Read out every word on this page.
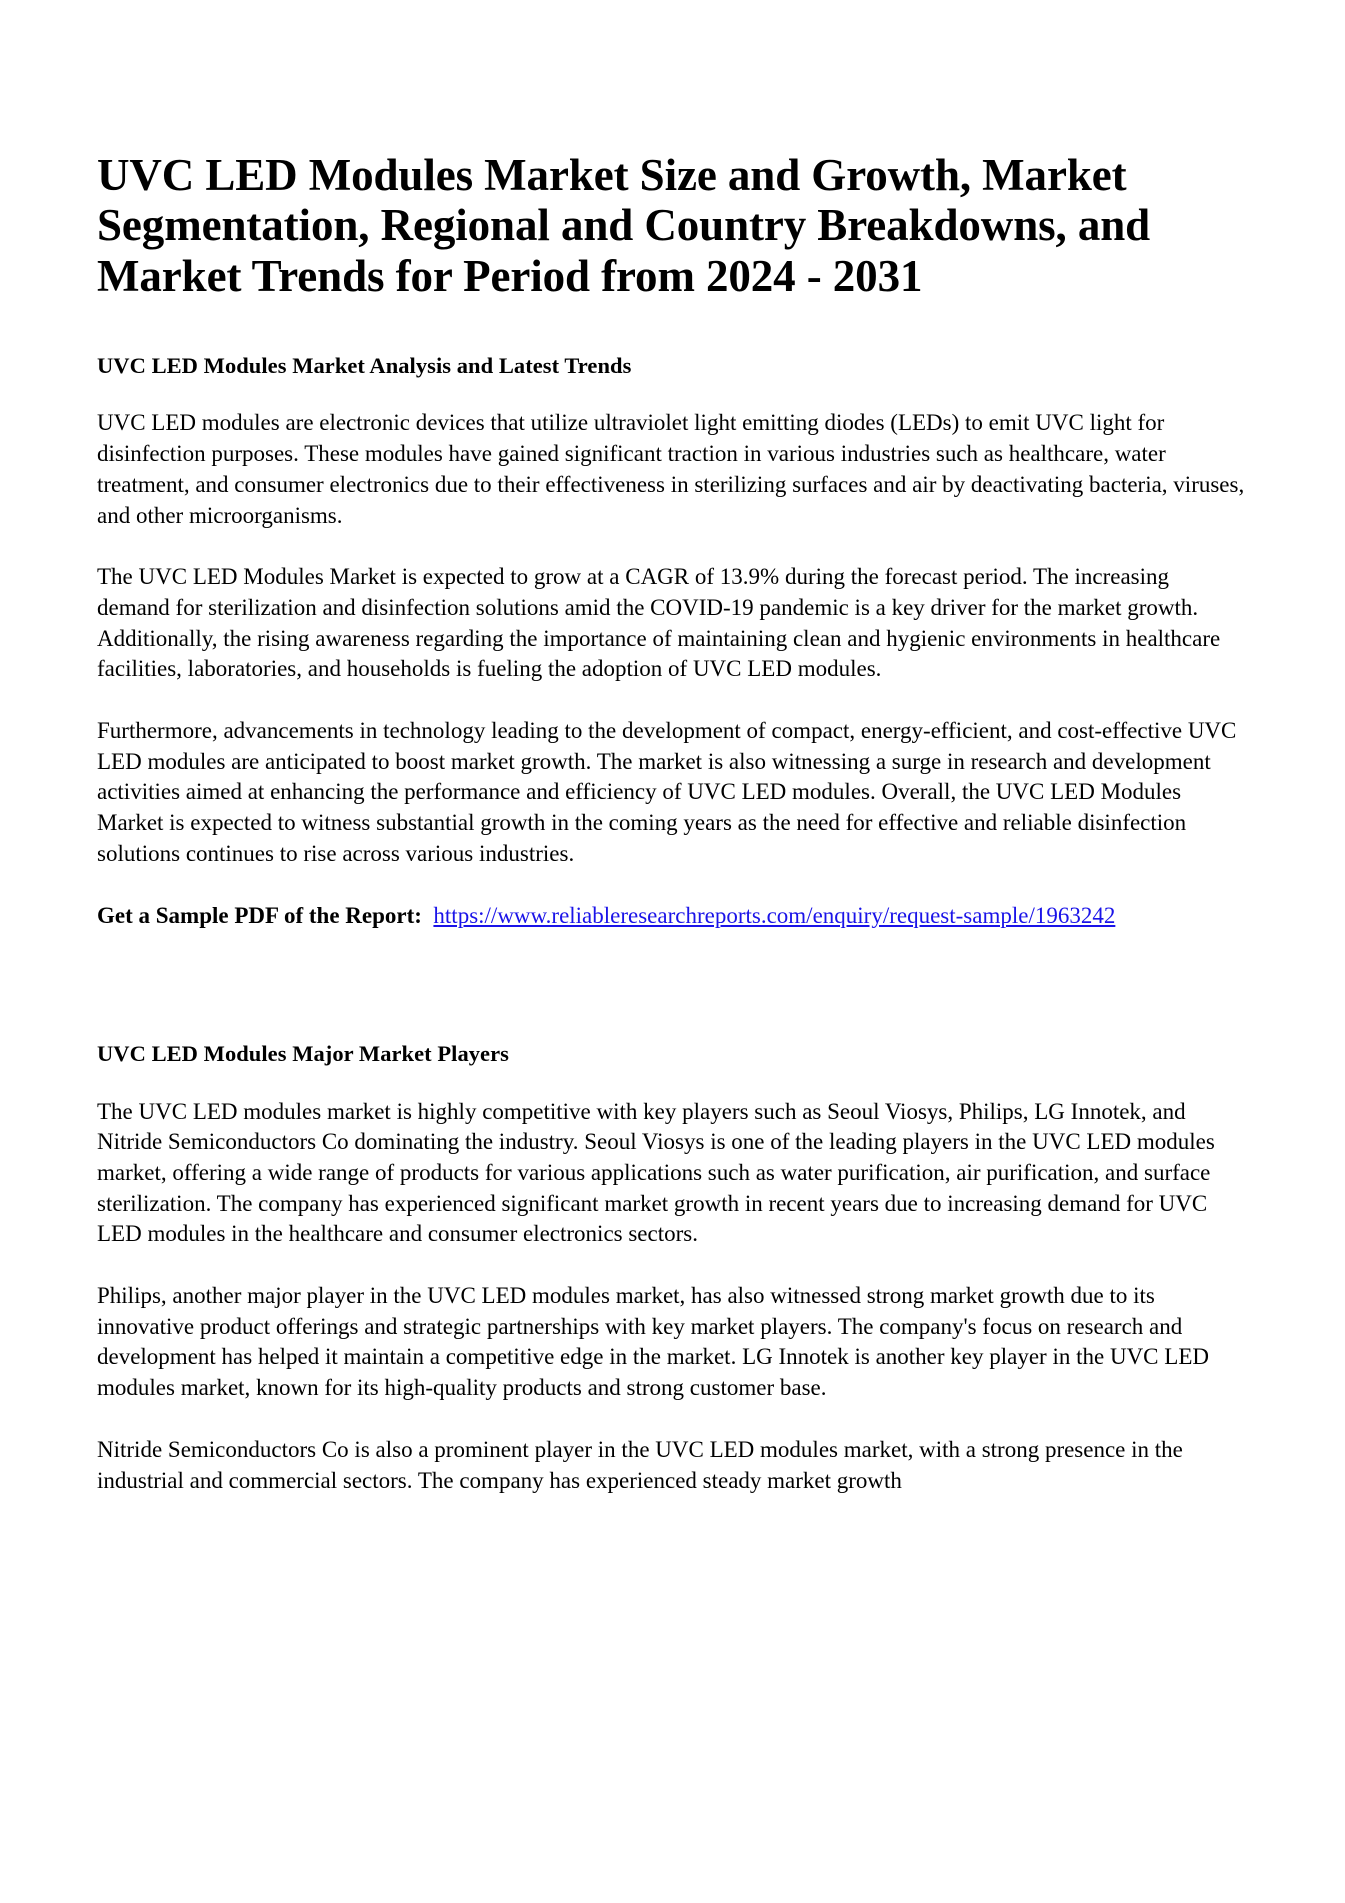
UVC LED Modules Market Size and Growth, Market Segmentation, Regional and Country Breakdowns, and Market Trends for Period from 2024 - 2031
UVC LED Modules Market Analysis and Latest Trends

UVC LED modules are electronic devices that utilize ultraviolet light emitting diodes (LEDs) to emit UVC light for disinfection purposes. These modules have gained significant traction in various industries such as healthcare, water treatment, and consumer electronics due to their effectiveness in sterilizing surfaces and air by deactivating bacteria, viruses, and other microorganisms.

The UVC LED Modules Market is expected to grow at a CAGR of 13.9% during the forecast period. The increasing demand for sterilization and disinfection solutions amid the COVID-19 pandemic is a key driver for the market growth. Additionally, the rising awareness regarding the importance of maintaining clean and hygienic environments in healthcare facilities, laboratories, and households is fueling the adoption of UVC LED modules.

Furthermore, advancements in technology leading to the development of compact, energy-efficient, and cost-effective UVC LED modules are anticipated to boost market growth. The market is also witnessing a surge in research and development activities aimed at enhancing the performance and efficiency of UVC LED modules. Overall, the UVC LED Modules Market is expected to witness substantial growth in the coming years as the need for effective and reliable disinfection solutions continues to rise across various industries.

Get a Sample PDF of the Report: https://www.reliableresearchreports.com/enquiry/request-sample/1963242

UVC LED Modules Major Market Players

The UVC LED modules market is highly competitive with key players such as Seoul Viosys, Philips, LG Innotek, and Nitride Semiconductors Co dominating the industry. Seoul Viosys is one of the leading players in the UVC LED modules market, offering a wide range of products for various applications such as water purification, air purification, and surface sterilization. The company has experienced significant market growth in recent years due to increasing demand for UVC LED modules in the healthcare and consumer electronics sectors.

Philips, another major player in the UVC LED modules market, has also witnessed strong market growth due to its innovative product offerings and strategic partnerships with key market players. The company's focus on research and development has helped it maintain a competitive edge in the market. LG Innotek is another key player in the UVC LED modules market, known for its high-quality products and strong customer base.

Nitride Semiconductors Co is also a prominent player in the UVC LED modules market, with a strong presence in the industrial and commercial sectors. The company has experienced steady market growth
